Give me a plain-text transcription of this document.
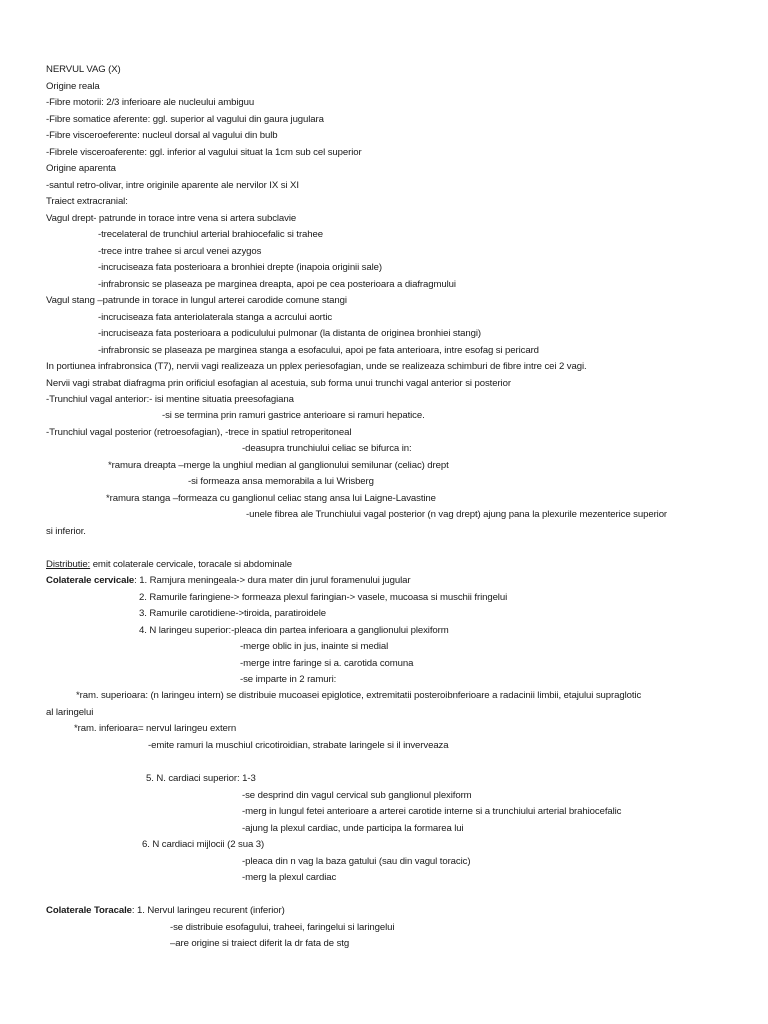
NERVUL VAG (X)
Origine reala
-Fibre motorii: 2/3 inferioare ale nucleului ambiguu
-Fibre somatice aferente: ggl. superior al vagului din gaura jugulara
-Fibre visceroeferente: nucleul dorsal al vagului din bulb
-Fibrele visceroaferente: ggl. inferior al vagului situat la 1cm sub cel superior
Origine aparenta
-santul retro-olivar, intre originile aparente ale nervilor IX si XI
Traiect extracranial:
Vagul drept- patrunde in torace intre vena si artera subclavie
-trecelateral de trunchiul arterial brahiocefalic si trahee
-trece intre trahee si arcul venei azygos
-incruciseaza fata posterioara a bronhiei drepte (inapoia originii sale)
-infrabronsic se plaseaza pe marginea dreapta, apoi pe cea posterioara a diafragmului
Vagul stang –patrunde in torace in lungul arterei carodide comune stangi
-incruciseaza fata anteriolaterala stanga a acrcului aortic
-incruciseaza fata posterioara a podiculului pulmonar (la distanta de originea bronhiei stangi)
-infrabronsic se plaseaza pe marginea stanga a esofacului, apoi pe fata anterioara, intre esofag si pericard
In portiunea infrabronsica (T7), nervii vagi realizeaza un pplex periesofagian, unde se realizeaza schimburi de fibre intre cei 2 vagi.
Nervii vagi strabat diafragma prin orificiul esofagian al acestuia, sub forma unui trunchi vagal anterior si posterior
-Trunchiul vagal anterior:- isi mentine situatia preesofagiana
-si se termina prin ramuri gastrice anterioare si ramuri hepatice.
-Trunchiul vagal posterior (retroesofagian), -trece in spatiul retroperitoneal
-deasupra trunchiului celiac se bifurca in:
*ramura dreapta –merge la unghiul median al ganglionului semilunar (celiac) drept
-si formeaza ansa memorabila a lui Wrisberg
*ramura stanga –formeaza cu ganglionul celiac stang ansa lui Laigne-Lavastine
-unele fibrea ale Trunchiului vagal posterior (n vag drept) ajung pana la plexurile mezenterice superior
si inferior.
Distributie: emit colaterale cervicale, toracale si abdominale
Colaterale cervicale: 1. Ramjura meningeala-> dura mater din jurul foramenului jugular
2. Ramurile faringiene-> formeaza plexul faringian-> vasele, mucoasa si muschii fringelui
3. Ramurile carotidiene->tiroida, paratiroidele
4. N laringeu superior:-pleaca din partea inferioara a ganglionului plexiform
-merge oblic in jus, inainte si medial
-merge intre faringe si a. carotida comuna
-se imparte in 2 ramuri:
*ram. superioara: (n laringeu intern) se distribuie mucoasei epiglotice, extremitatii posteroibnferioare a radacinii limbii, etajului supraglotic
al laringelui
*ram. inferioara= nervul laringeu extern
-emite ramuri la muschiul cricotiroidian, strabate laringele si il inverveaza
5. N. cardiaci superior: 1-3
-se desprind din vagul cervical sub ganglionul plexiform
-merg in lungul fetei anterioare a arterei carotide interne si a trunchiului arterial brahiocefalic
-ajung la plexul cardiac, unde participa la formarea lui
6. N cardiaci mijlocii (2 sua 3)
-pleaca din n vag la baza gatului (sau din vagul toracic)
-merg la plexul cardiac
Colaterale Toracale: 1. Nervul laringeu recurent (inferior)
-se distribuie esofagului, traheei, faringelui si laringelui
–are origine si traiect diferit la dr fata de stg
